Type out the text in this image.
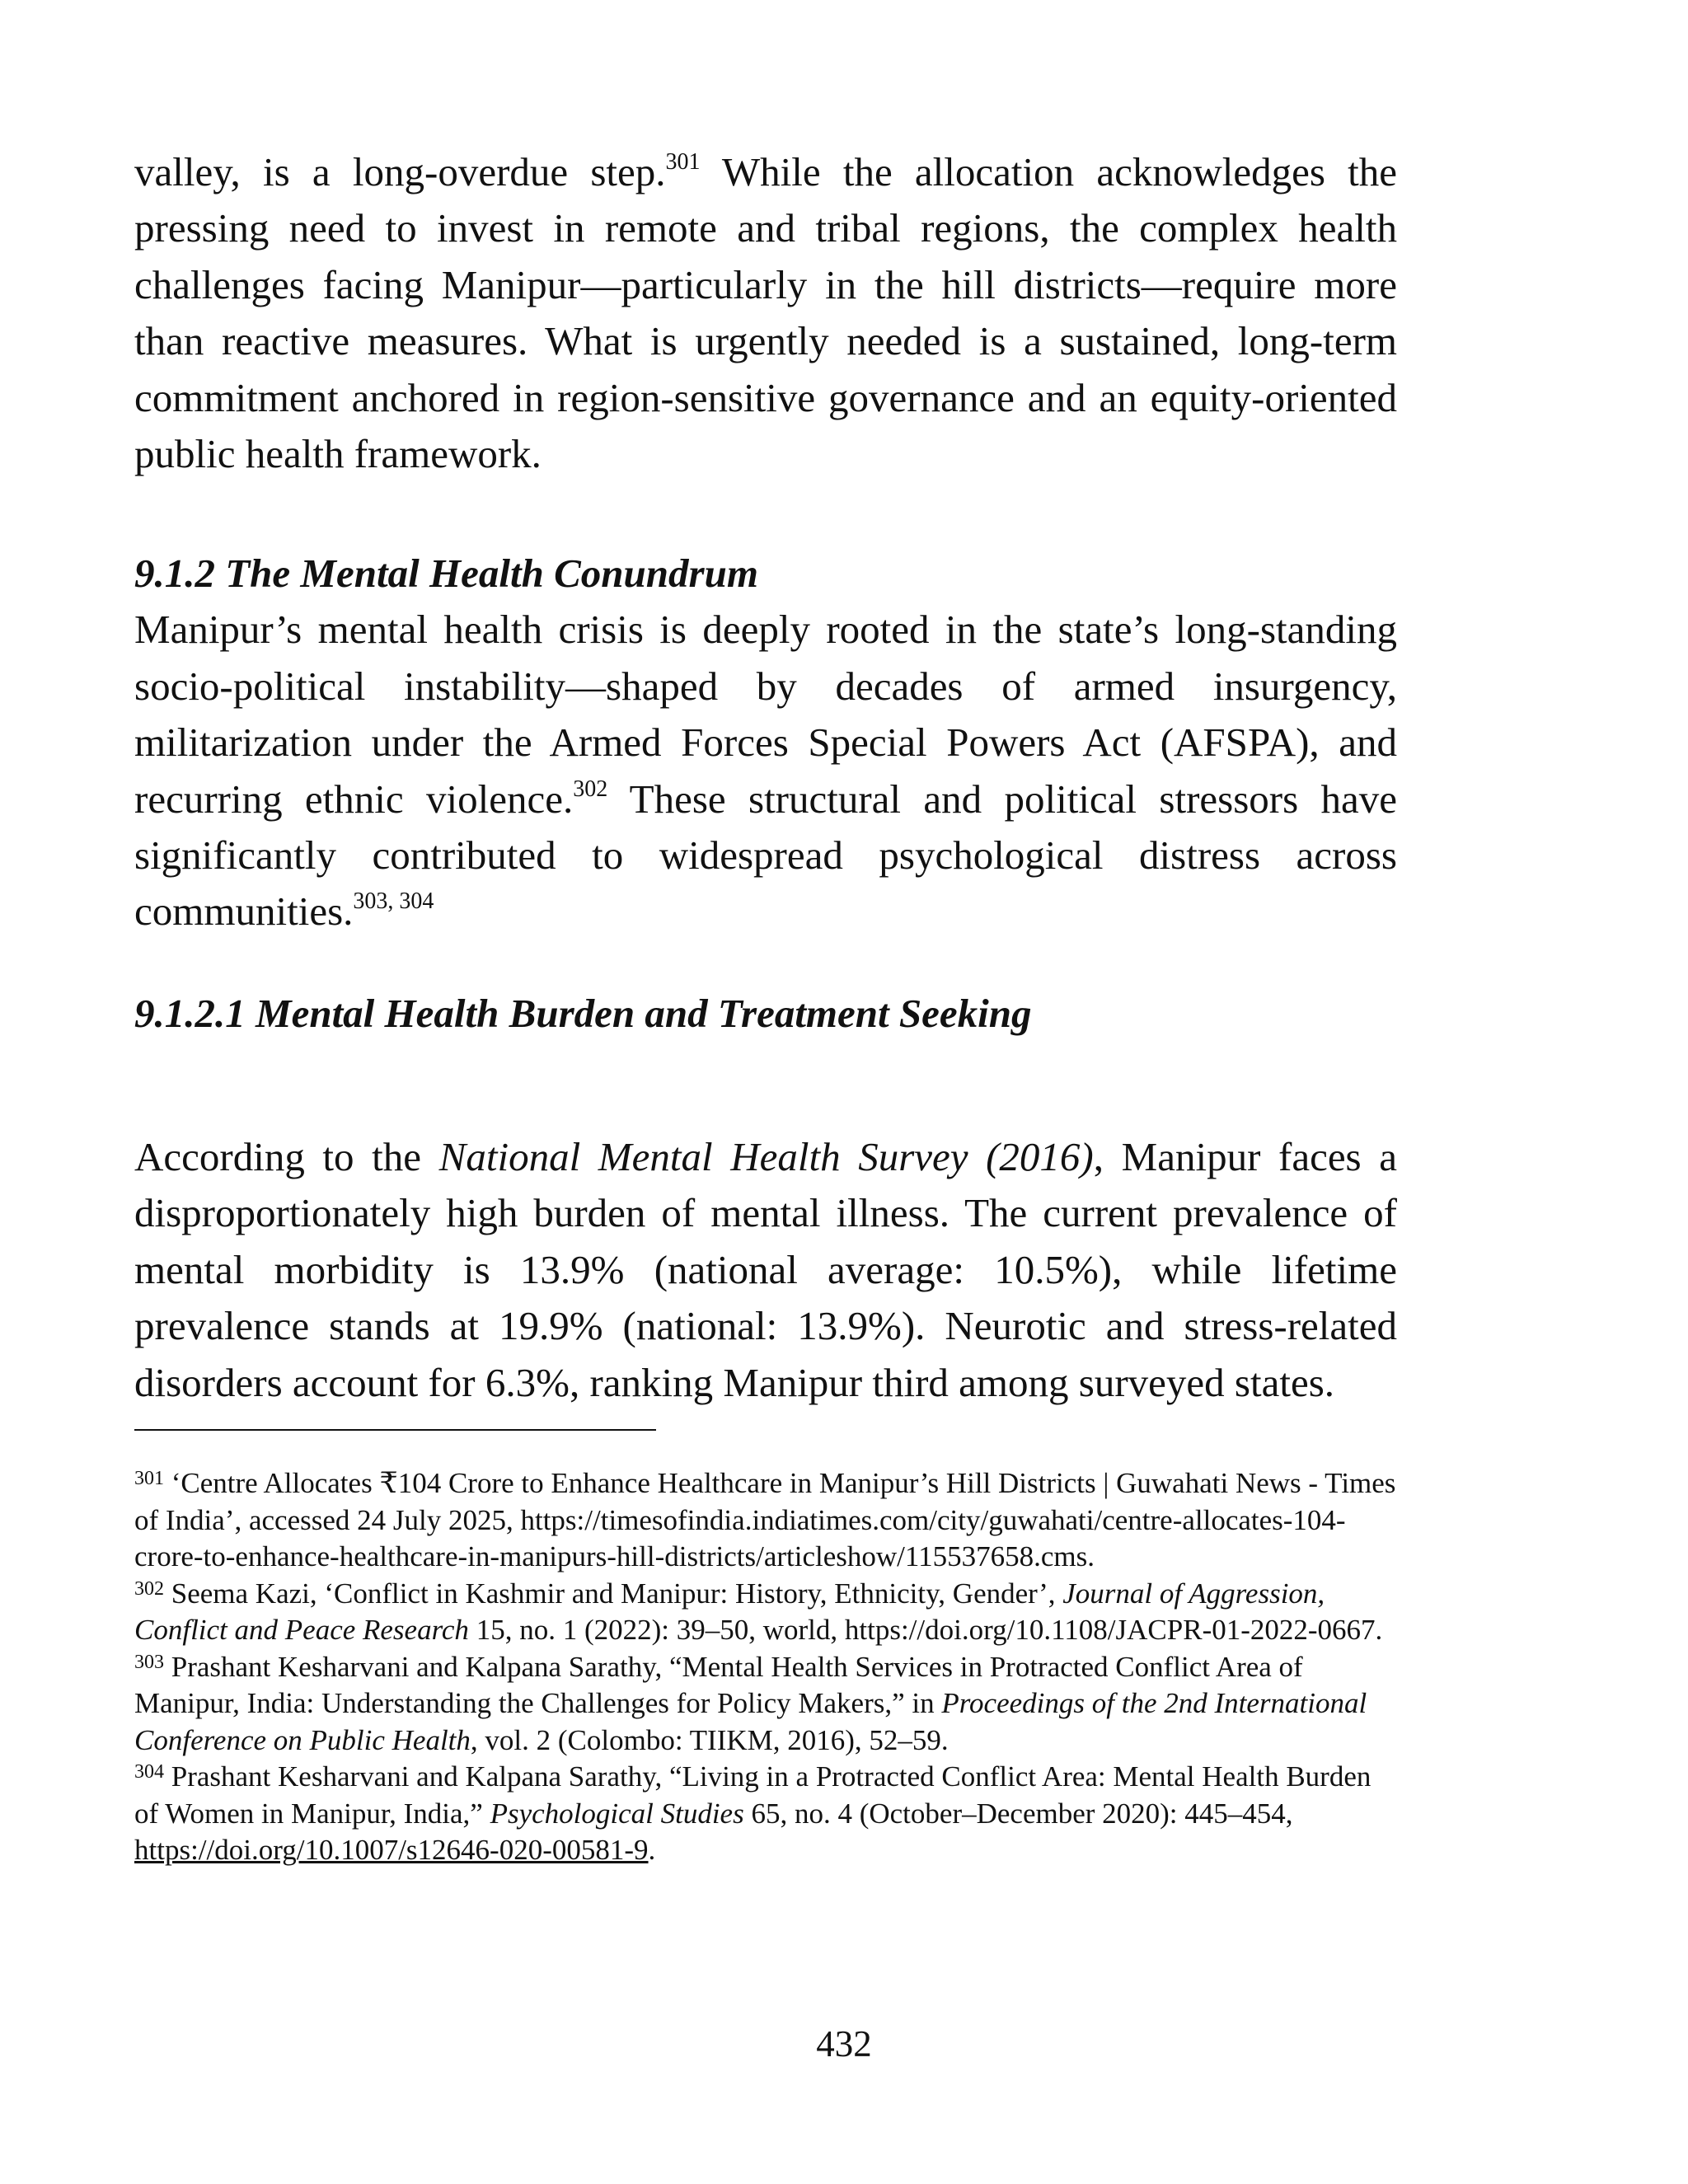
valley, is a long-overdue step.$^{301}$ While the allocation acknowledges the pressing need to invest in remote and tribal regions, the complex health challenges facing Manipur—particularly in the hill districts—require more than reactive measures. What is urgently needed is a sustained, long-term commitment anchored in region-sensitive governance and an equity-oriented public health framework.

9.1.2 The Mental Health Conundrum

Manipur’s mental health crisis is deeply rooted in the state’s long-standing socio-political instability—shaped by decades of armed insurgency, militarization under the Armed Forces Special Powers Act (AFSPA), and recurring ethnic violence.$^{302}$ These structural and political stressors have significantly contributed to widespread psychological distress across communities.$^{303, 304}$

9.1.2.1 Mental Health Burden and Treatment Seeking

According to the National Mental Health Survey (2016), Manipur faces a disproportionately high burden of mental illness. The current prevalence of mental morbidity is 13.9% (national average: 10.5%), while lifetime prevalence stands at 19.9% (national: 13.9%). Neurotic and stress-related disorders account for 6.3%, ranking Manipur third among surveyed states.

$^{301}$ ‘Centre Allocates ₹104 Crore to Enhance Healthcare in Manipur’s Hill Districts | Guwahati News - Times of India’, accessed 24 July 2025, https://timesofindia.indiatimes.com/city/guwahati/centre-allocates-104-crore-to-enhance-healthcare-in-manipurs-hill-districts/articleshow/115537658.cms.

$^{302}$ Seema Kazi, ‘Conflict in Kashmir and Manipur: History, Ethnicity, Gender’, Journal of Aggression, Conflict and Peace Research 15, no. 1 (2022): 39–50, world, https://doi.org/10.1108/JACPR-01-2022-0667.

$^{303}$ Prashant Kesharvani and Kalpana Sarathy, “Mental Health Services in Protracted Conflict Area of Manipur, India: Understanding the Challenges for Policy Makers,” in Proceedings of the 2nd International Conference on Public Health, vol. 2 (Colombo: TIIKM, 2016), 52–59.

$^{304}$ Prashant Kesharvani and Kalpana Sarathy, “Living in a Protracted Conflict Area: Mental Health Burden of Women in Manipur, India,” Psychological Studies 65, no. 4 (October–December 2020): 445–454, https://doi.org/10.1007/s12646-020-00581-9.

432
